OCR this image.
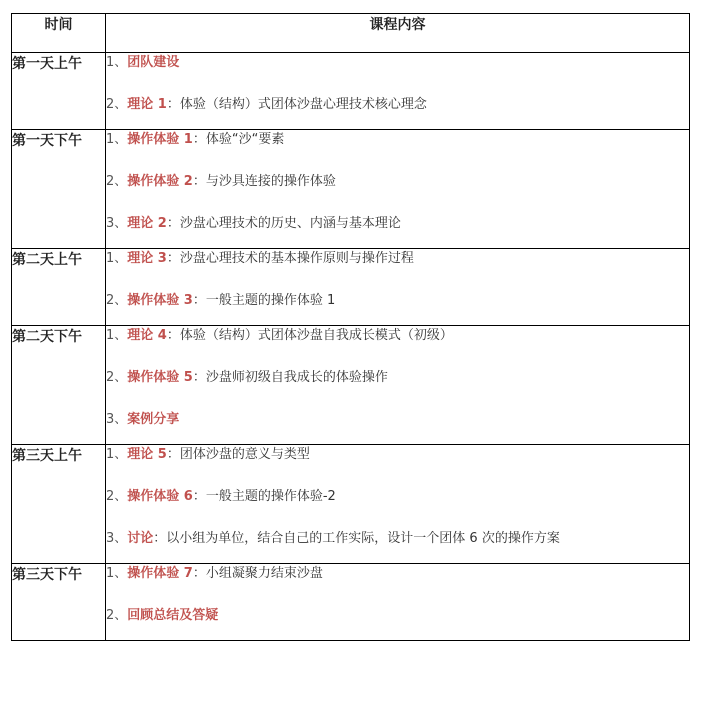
时间	课程内容
第一天上午	1、团队建设
2、理论 1：体验（结构）式团体沙盘心理技术核心理念

第一天下午	1、操作体验 1：体验“沙“要素
2、操作体验 2：与沙具连接的操作体验
3、理论 2：沙盘心理技术的历史、内涵与基本理论

第二天上午	1、理论 3：沙盘心理技术的基本操作原则与操作过程
2、操作体验 3：一般主题的操作体验 1

第二天下午	1、理论 4：体验（结构）式团体沙盘自我成长模式（初级）
2、操作体验 5：沙盘师初级自我成长的体验操作
3、案例分享

第三天上午	1、理论 5：团体沙盘的意义与类型
2、操作体验 6：一般主题的操作体验-2
3、讨论：以小组为单位，结合自己的工作实际，设计一个团体 6 次的操作方案

第三天下午	1、操作体验 7：小组凝聚力结束沙盘
2、回顾总结及答疑
